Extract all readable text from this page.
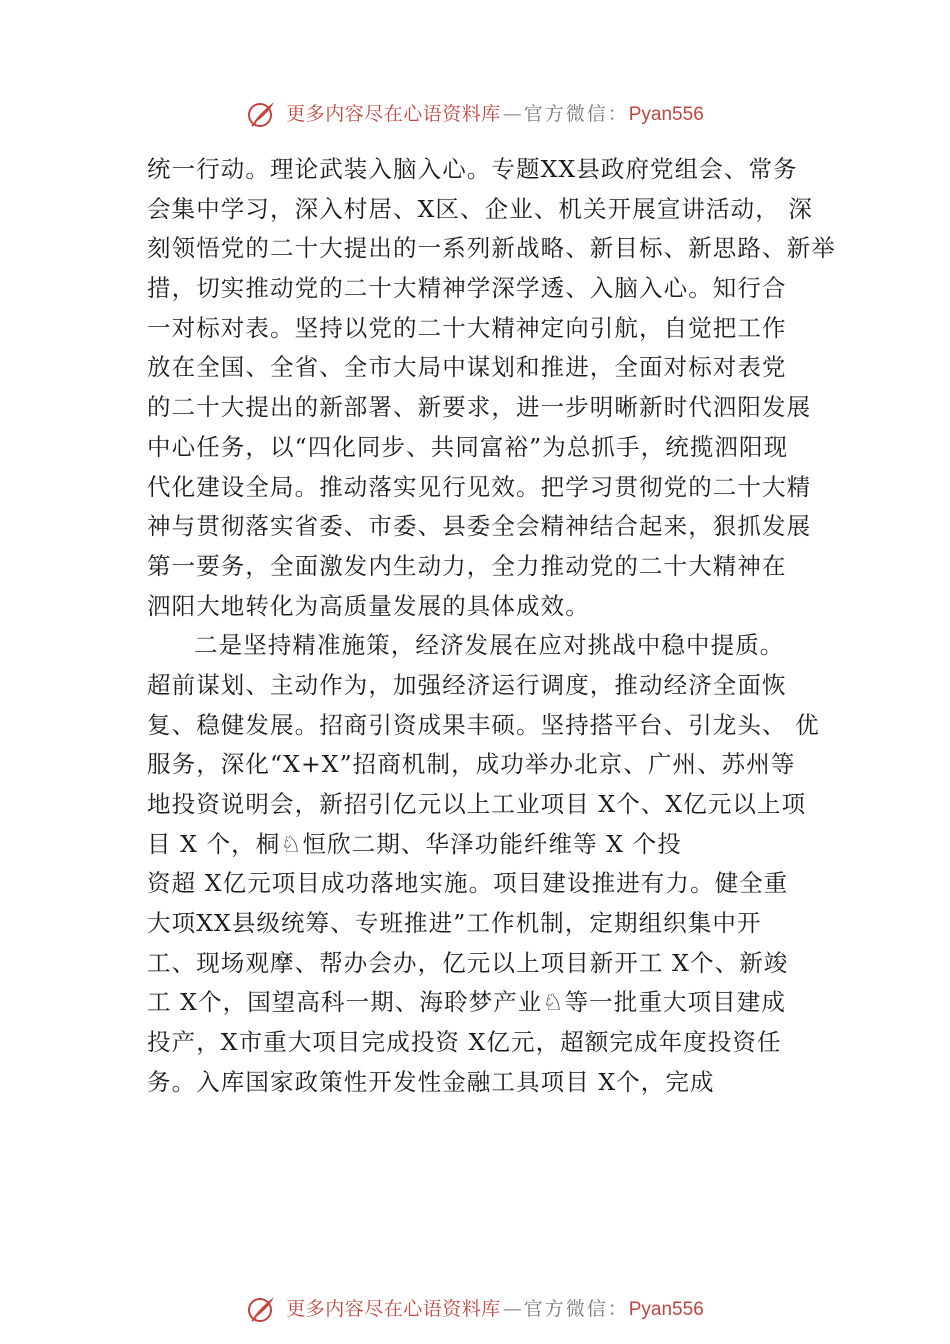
更多内容尽在心语资料库 — 官方微信：Pyan556

统一行动。理论武装入脑入心。专题XX县政府党组会、常务

会集中学习，深入村居、X区、企业、机关开展宣讲活动， 深

刻领悟党的二十大提出的一系列新战略、新目标、新思路、新举

措，切实推动党的二十大精神学深学透、入脑入心。知行合

一对标对表。坚持以党的二十大精神定向引航，自觉把工作

放在全国、全省、全市大局中谋划和推进，全面对标对表党

的二十大提出的新部署、新要求，进一步明晰新时代泗阳发展

中心任务，以“四化同步、共同富裕”为总抓手，统揽泗阳现

代化建设全局。推动落实见行见效。把学习贯彻党的二十大精

神与贯彻落实省委、市委、县委全会精神结合起来，狠抓发展

第一要务，全面激发内生动力，全力推动党的二十大精神在

泗阳大地转化为高质量发展的具体成效。

二是坚持精准施策，经济发展在应对挑战中稳中提质。

超前谋划、主动作为，加强经济运行调度，推动经济全面恢

复、稳健发展。招商引资成果丰硕。坚持搭平台、引龙头、 优

服务，深化“X+X”招商机制，成功举办北京、广州、苏州等

地投资说明会，新招引亿元以上工业项目 X个、X亿元以上项

目 X 个，桐♘恒欣二期、华泽功能纤维等 X 个投

资超 X亿元项目成功落地实施。项目建设推进有力。健全重

大项XX县级统筹、专班推进”工作机制，定期组织集中开

工、现场观摩、帮办会办，亿元以上项目新开工 X个、新竣

工 X个，国望高科一期、海聆梦产业♘等一批重大项目建成

投产，X市重大项目完成投资 X亿元，超额完成年度投资任

务。入库国家政策性开发性金融工具项目 X个，完成

更多内容尽在心语资料库 — 官方微信：Pyan556
